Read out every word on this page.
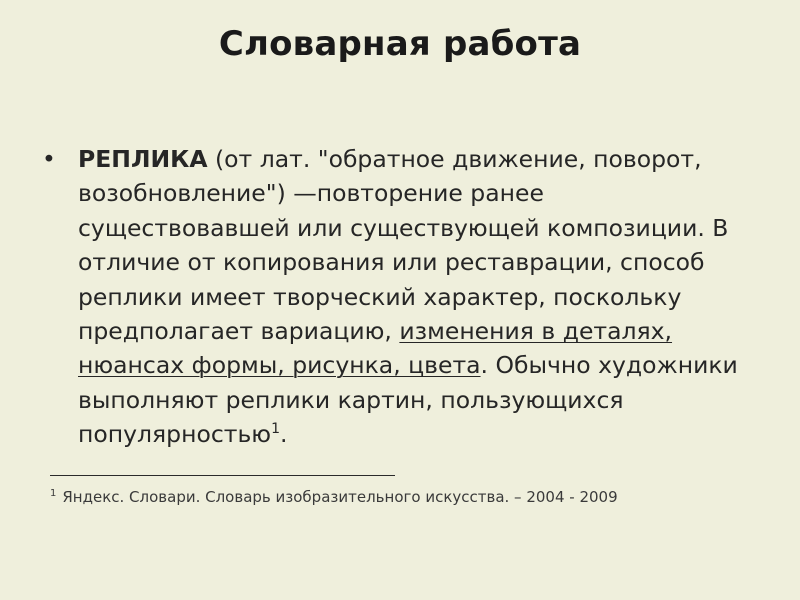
Словарная работа
• РЕПЛИКА (от лат. "обратное движение, поворот, возобновление") —повторение ранее существовавшей или существующей композиции. В отличие от копирования или реставрации, способ реплики имеет творческий характер, поскольку предполагает вариацию, изменения в деталях, нюансах формы, рисунка, цвета. Обычно художники выполняют реплики картин, пользующихся популярностью$^1$.
$^1$ Яндекс. Словари. Словарь изобразительного искусства. – 2004 - 2009
